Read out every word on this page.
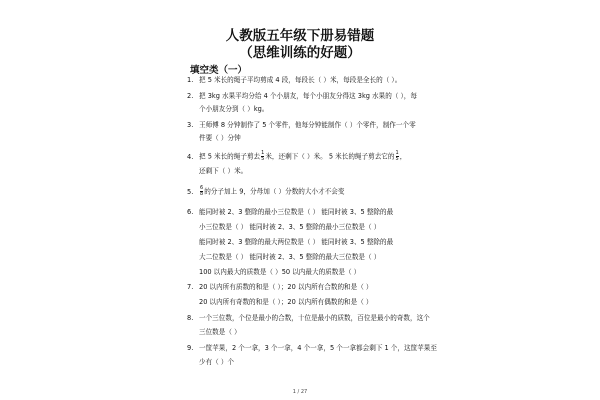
人教版五年级下册易错题
（思维训练的好题）
填空类（一）
1. 把 5 米长的绳子平均剪成 4 段，每段长（ ）米，每段是全长的（ ）。
2. 把 3kg 水果平均分给 4 个小朋友，每个小朋友分得这 3kg 水果的（ ），每
个小朋友分到（ ）kg。
3. 王师傅 8 分钟制作了 5 个零件，他每分钟能制作（ ）个零件，制作一个零
件要（ ）分钟
4. 把 5 米长的绳子剪去 $\frac{1}{5}$ 米，还剩下（ ）米。 5 米长的绳子剪去它的 $\frac{1}{5}$ ，
还剩下（ ）米。
5. $\frac{6}{8}$ 的分子加上 9，分母加（ ）分数的大小才不会变
6. 能同时被 2、3 整除的最小三位数是（ ） 能同时被 3、5 整除的最
小三位数是（ ） 能同时被 2、3、5 整除的最小三位数是（ ）
能同时被 2、3 整除的最大两位数是（ ） 能同时被 3、5 整除的最
大二位数是（ ） 能同时被 2、3、5 整除的最大三位数是（ ）
100 以内最大的质数是（ ）50 以内最大的质数是（ ）
7. 20 以内所有质数的和是（ ）；20 以内所有合数的和是（ ）
20 以内所有奇数的和是（ ）；20 以内所有偶数的和是（ ）
8. 一个三位数，个位是最小的合数，十位是最小的质数，百位是最小的奇数，这个
三位数是（ ）
9. 一筐苹果，2 个一拿，3 个一拿，4 个一拿，5 个一拿都会剩下 1 个，这筐苹果至
少有（ ）个
1 / 27
